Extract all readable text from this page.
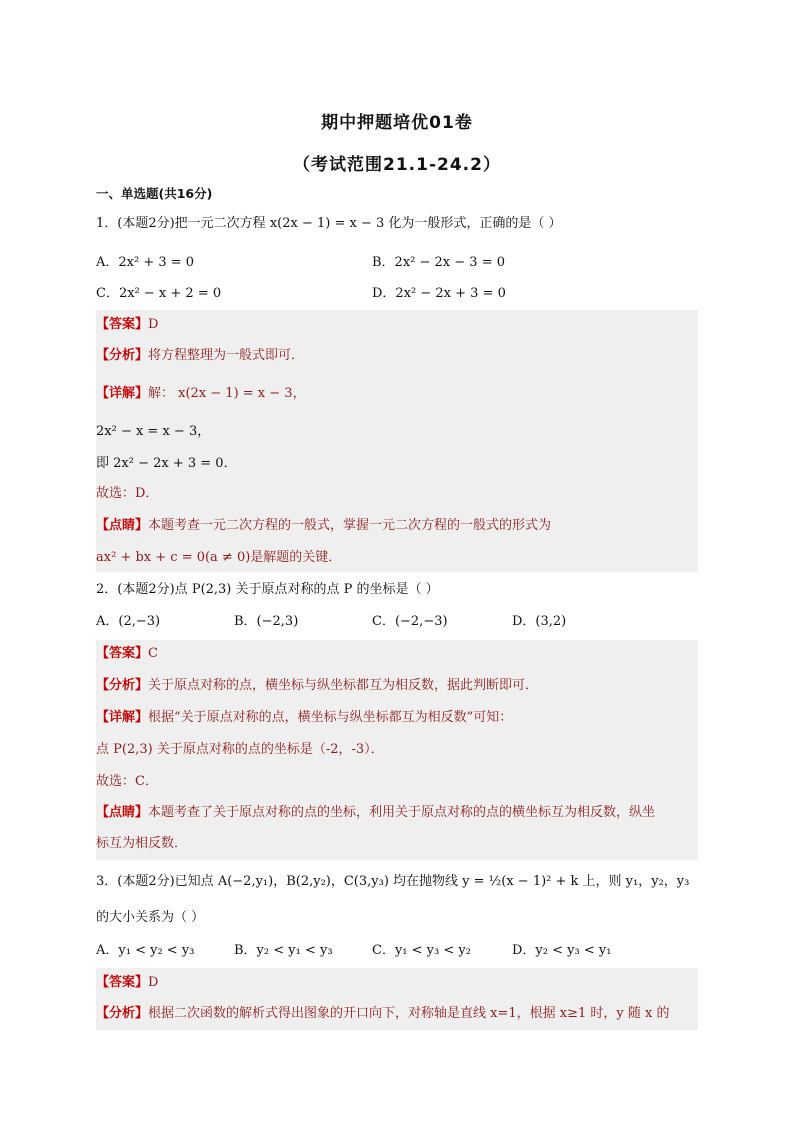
期中押题培优01卷
（考试范围21.1-24.2）
一、单选题(共16分)
1．(本题2分)把一元二次方程 x(2x − 1) = x − 3 化为一般形式，正确的是（ ）
A．2x² + 3 = 0	B．2x² − 2x − 3 = 0
C．2x² − x + 2 = 0	D．2x² − 2x + 3 = 0
【答案】D
【分析】将方程整理为一般式即可．
【详解】解： x(2x − 1) = x − 3，
2x² − x = x − 3，
即 2x² − 2x + 3 = 0．
故选：D．
【点睛】本题考查一元二次方程的一般式，掌握一元二次方程的一般式的形式为
ax² + bx + c = 0(a ≠ 0)是解题的关键．
2．(本题2分)点 P(2,3) 关于原点对称的点 P 的坐标是（ ）
A．(2,−3)	B．(−2,3)	C．(−2,−3)	D．(3,2)
【答案】C
【分析】关于原点对称的点，横坐标与纵坐标都互为相反数，据此判断即可．
【详解】根据“关于原点对称的点，横坐标与纵坐标都互为相反数”可知：
点 P(2,3) 关于原点对称的点的坐标是（-2，-3）．
故选：C．
【点睛】本题考查了关于原点对称的点的坐标，利用关于原点对称的点的横坐标互为相反数，纵坐
标互为相反数．
3．(本题2分)已知点 A(−2,y₁)，B(2,y₂)，C(3,y₃) 均在抛物线 y = ½(x − 1)² + k 上，则 y₁，y₂，y₃
的大小关系为（ ）
A．y₁ < y₂ < y₃	B．y₂ < y₁ < y₃	C．y₁ < y₃ < y₂	D．y₂ < y₃ < y₁
【答案】D
【分析】根据二次函数的解析式得出图象的开口向下，对称轴是直线 x=1，根据 x≥1 时，y 随 x 的
